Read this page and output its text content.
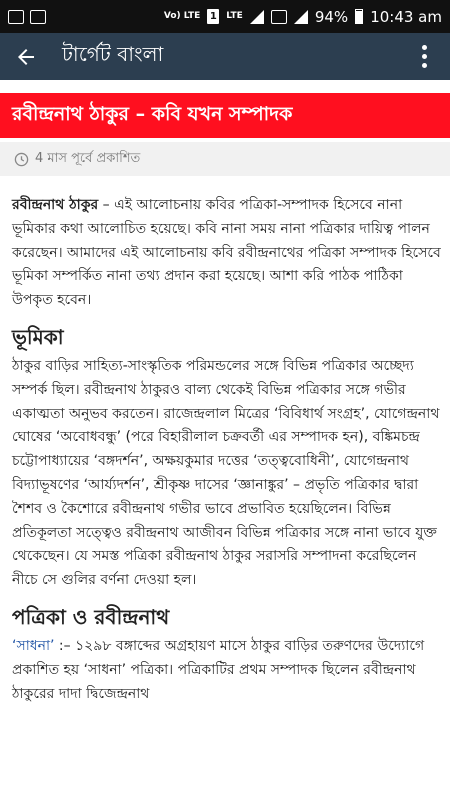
Vo) LTE 1 LTE	94% 10:43 am
টার্গেট বাংলা
রবীন্দ্রনাথ ঠাকুর – কবি যখন সম্পাদক
4 মাস পূর্বে প্রকাশিত

রবীন্দ্রনাথ ঠাকুর – এই আলোচনায় কবির পত্রিকা-সম্পাদক হিসেবে নানা ভূমিকার কথা আলোচিত হয়েছে। কবি নানা সময় নানা পত্রিকার দায়িত্ব পালন করেছেন। আমাদের এই আলোচনায় কবি রবীন্দ্রনাথের পত্রিকা সম্পাদক হিসেবে ভূমিকা সম্পর্কিত নানা তথ্য প্রদান করা হয়েছে। আশা করি পাঠক পাঠিকা উপকৃত হবেন।

ভূমিকা

ঠাকুর বাড়ির সাহিত্য-সাংস্কৃতিক পরিমন্ডলের সঙ্গে বিভিন্ন পত্রিকার অচ্ছেদ্য সম্পর্ক ছিল। রবীন্দ্রনাথ ঠাকুরও বাল্য থেকেই বিভিন্ন পত্রিকার সঙ্গে গভীর একাত্মতা অনুভব করতেন। রাজেন্দ্রলাল মিত্রের ‘বিবিধার্থ সংগ্রহ’, যোগেন্দ্রনাথ ঘোষের ‘অবোধবন্ধু’ (পরে বিহারীলাল চক্রবর্তী এর সম্পাদক হন), বঙ্কিমচন্দ্র চট্টোপাধ্যায়ের ‘বঙ্গদর্শন’, অক্ষয়কুমার দত্তের ‘তত্ত্ববোধিনী’, যোগেন্দ্রনাথ বিদ্যাভূষণের ‘আর্য্যদর্শন’, শ্রীকৃষ্ণ দাসের ‘জ্ঞানাঙ্কুর’ – প্রভৃতি পত্রিকার দ্বারা শৈশব ও কৈশোরে রবীন্দ্রনাথ গভীর ভাবে প্রভাবিত হয়েছিলেন। বিভিন্ন প্রতিকূলতা সত্ত্বেও রবীন্দ্রনাথ আজীবন বিভিন্ন পত্রিকার সঙ্গে নানা ভাবে যুক্ত থেকেছেন। যে সমস্ত পত্রিকা রবীন্দ্রনাথ ঠাকুর সরাসরি সম্পাদনা করেছিলেন নীচে সে গুলির বর্ণনা দেওয়া হল।

পত্রিকা ও রবীন্দ্রনাথ

‘সাধনা’ :– ১২৯৮ বঙ্গাব্দের অগ্রহায়ণ মাসে ঠাকুর বাড়ির তরুণদের উদ্যোগে প্রকাশিত হয় ‘সাধনা’ পত্রিকা। পত্রিকাটির প্রথম সম্পাদক ছিলেন রবীন্দ্রনাথ ঠাকুরের দাদা দ্বিজেন্দ্রনাথ
